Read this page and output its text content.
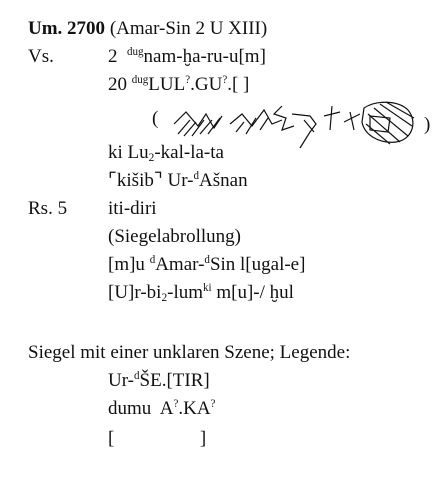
Um. 2700 (Amar-Sin 2 U XIII)
Vs.	2 $^{dug}$nam-ḫa-ru-u[m]
20 $^{dug}$LUL?.GU?.[ ]
(	)
ki $Lu_2-kal-la-ta$
⌜kišib⌝ Ur-$^d$Ašnan
Rs. 5 iti-diri
(Siegelabrollung)
[m]u $^d$Amar-$^d$Sin l[ugal-e]
$[U]r-bi_2-lum^{ki}$ m[u]-/ ḫul
Siegel mit einer unklaren Szene; Legende:
Ur-$^d$ŠE.[TIR]
dumu  A?.KA?
[                  ]
